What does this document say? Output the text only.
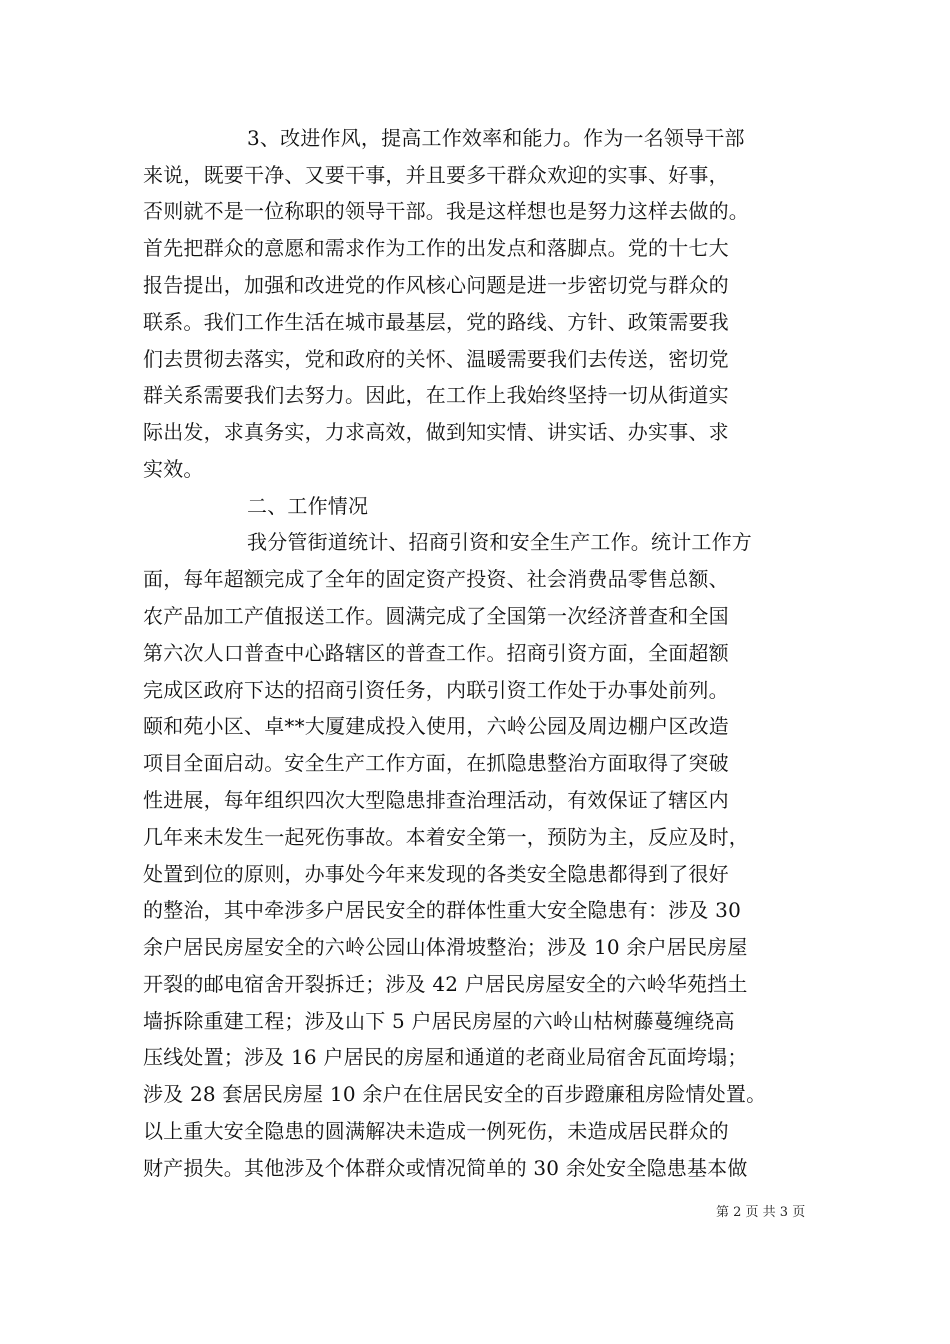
3、改进作风，提高工作效率和能力。作为一名领导干部
来说，既要干净、又要干事，并且要多干群众欢迎的实事、好事，
否则就不是一位称职的领导干部。我是这样想也是努力这样去做的。
首先把群众的意愿和需求作为工作的出发点和落脚点。党的十七大
报告提出，加强和改进党的作风核心问题是进一步密切党与群众的
联系。我们工作生活在城市最基层，党的路线、方针、政策需要我
们去贯彻去落实，党和政府的关怀、温暖需要我们去传送，密切党
群关系需要我们去努力。因此，在工作上我始终坚持一切从街道实
际出发，求真务实，力求高效，做到知实情、讲实话、办实事、求
实效。
二、工作情况
我分管街道统计、招商引资和安全生产工作。统计工作方
面，每年超额完成了全年的固定资产投资、社会消费品零售总额、
农产品加工产值报送工作。圆满完成了全国第一次经济普查和全国
第六次人口普查中心路辖区的普查工作。招商引资方面，全面超额
完成区政府下达的招商引资任务，内联引资工作处于办事处前列。
颐和苑小区、卓**大厦建成投入使用，六岭公园及周边棚户区改造
项目全面启动。安全生产工作方面，在抓隐患整治方面取得了突破
性进展，每年组织四次大型隐患排查治理活动，有效保证了辖区内
几年来未发生一起死伤事故。本着安全第一，预防为主，反应及时，
处置到位的原则，办事处今年来发现的各类安全隐患都得到了很好
的整治，其中牵涉多户居民安全的群体性重大安全隐患有：涉及 30
余户居民房屋安全的六岭公园山体滑坡整治；涉及 10 余户居民房屋
开裂的邮电宿舍开裂拆迁；涉及 42 户居民房屋安全的六岭华苑挡土
墙拆除重建工程；涉及山下 5 户居民房屋的六岭山枯树藤蔓缠绕高
压线处置；涉及 16 户居民的房屋和通道的老商业局宿舍瓦面垮塌；
涉及 28 套居民房屋 10 余户在住居民安全的百步蹬廉租房险情处置。
以上重大安全隐患的圆满解决未造成一例死伤，未造成居民群众的
财产损失。其他涉及个体群众或情况简单的 30 余处安全隐患基本做
第 2 页 共 3 页
